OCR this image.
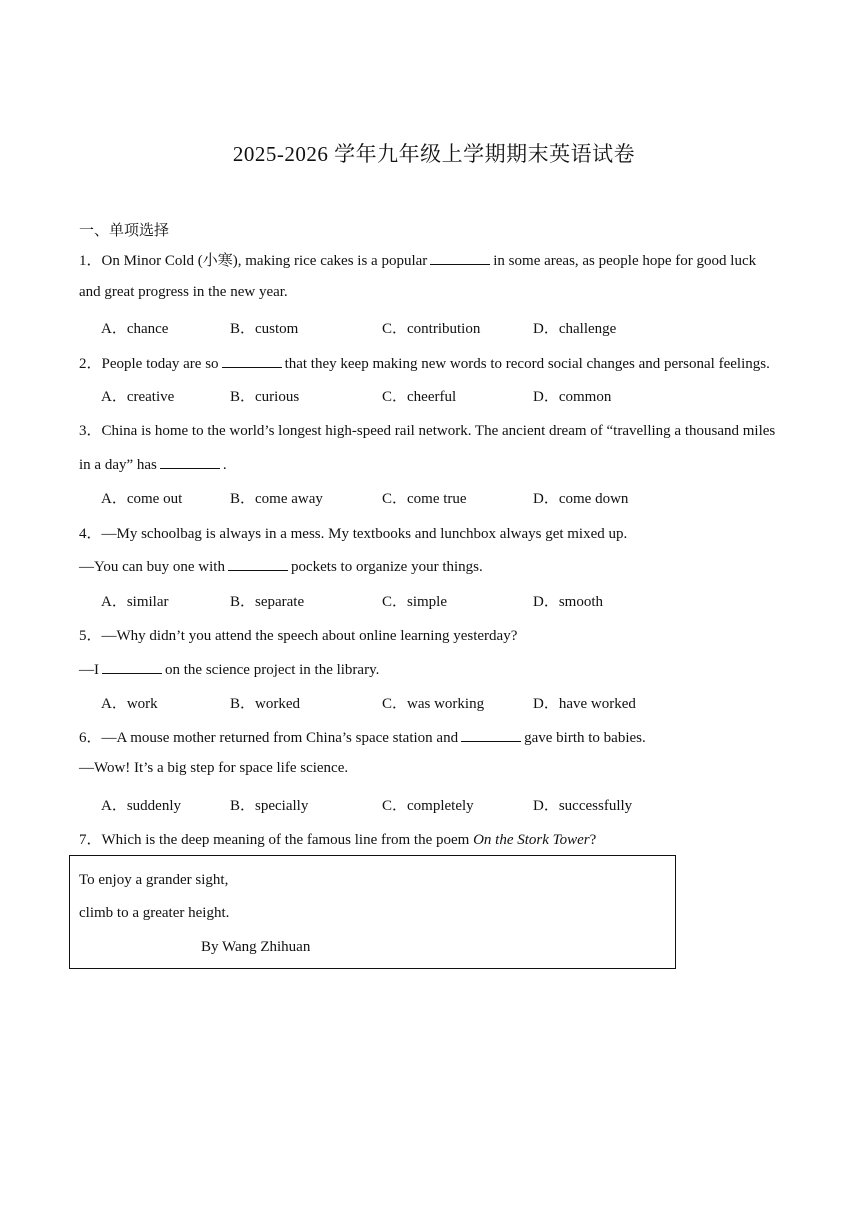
2025-2026 学年九年级上学期期末英语试卷
一、单项选择
1．On Minor Cold (小寒), making rice cakes is a popular	in some areas, as people hope for good luck
and great progress in the new year.
A．chance	B．custom	C．contribution	D．challenge
2．People today are so	that they keep making new words to record social changes and personal feelings.
A．creative	B．curious	C．cheerful	D．common
3．China is home to the world’s longest high-speed rail network. The ancient dream of “travelling a thousand miles
in a day” has	.
A．come out	B．come away	C．come true	D．come down
4．—My schoolbag is always in a mess. My textbooks and lunchbox always get mixed up.
—You can buy one with	pockets to organize your things.
A．similar	B．separate	C．simple	D．smooth
5．—Why didn’t you attend the speech about online learning yesterday?
—I	on the science project in the library.
A．work	B．worked	C．was working	D．have worked
6．—A mouse mother returned from China’s space station and	gave birth to babies.
—Wow! It’s a big step for space life science.
A．suddenly	B．specially	C．completely	D．successfully
7．Which is the deep meaning of the famous line from the poem On the Stork Tower?
To enjoy a grander sight,
climb to a greater height.
By Wang Zhihuan
